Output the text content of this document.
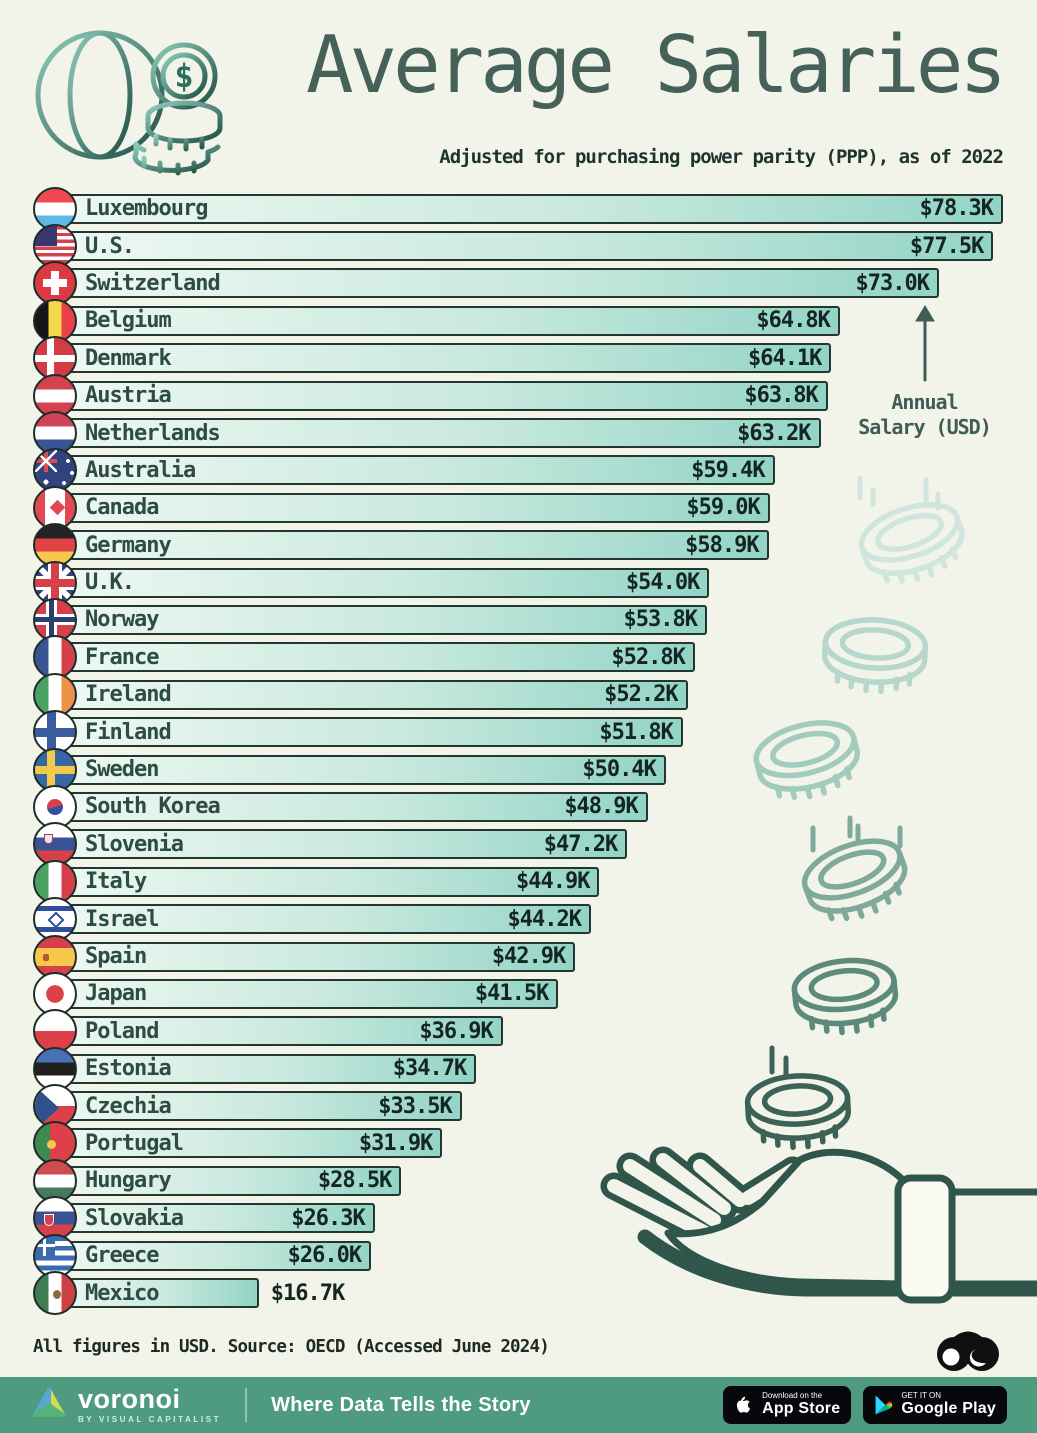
$	Average Salaries
Adjusted for purchasing power parity (PPP), as of 2022
Luxembourg	$78.3K
U.S.	$77.5K
Switzerland	$73.0K
Belgium	$64.8K
Denmark	$64.1K
Austria	$63.8K
Netherlands	$63.2K
Australia	$59.4K
Canada	$59.0K
Germany	$58.9K
U.K.	$54.0K
Norway	$53.8K
France	$52.8K
Ireland	$52.2K
Finland	$51.8K
Sweden	$50.4K
South Korea	$48.9K
Slovenia	$47.2K
Italy	$44.9K
Israel	$44.2K
Spain	$42.9K
Japan	$41.5K
Poland	$36.9K
Estonia	$34.7K
Czechia	$33.5K
Portugal	$31.9K
Hungary	$28.5K
Slovakia	$26.3K
Greece	$26.0K
Mexico	$16.7K
Annual
Salary (USD)
All figures in USD. Source: OECD (Accessed June 2024)
voronoi
BY VISUAL CAPITALIST
Where Data Tells the Story	Download on the
App Store
GET IT ON
Google Play
